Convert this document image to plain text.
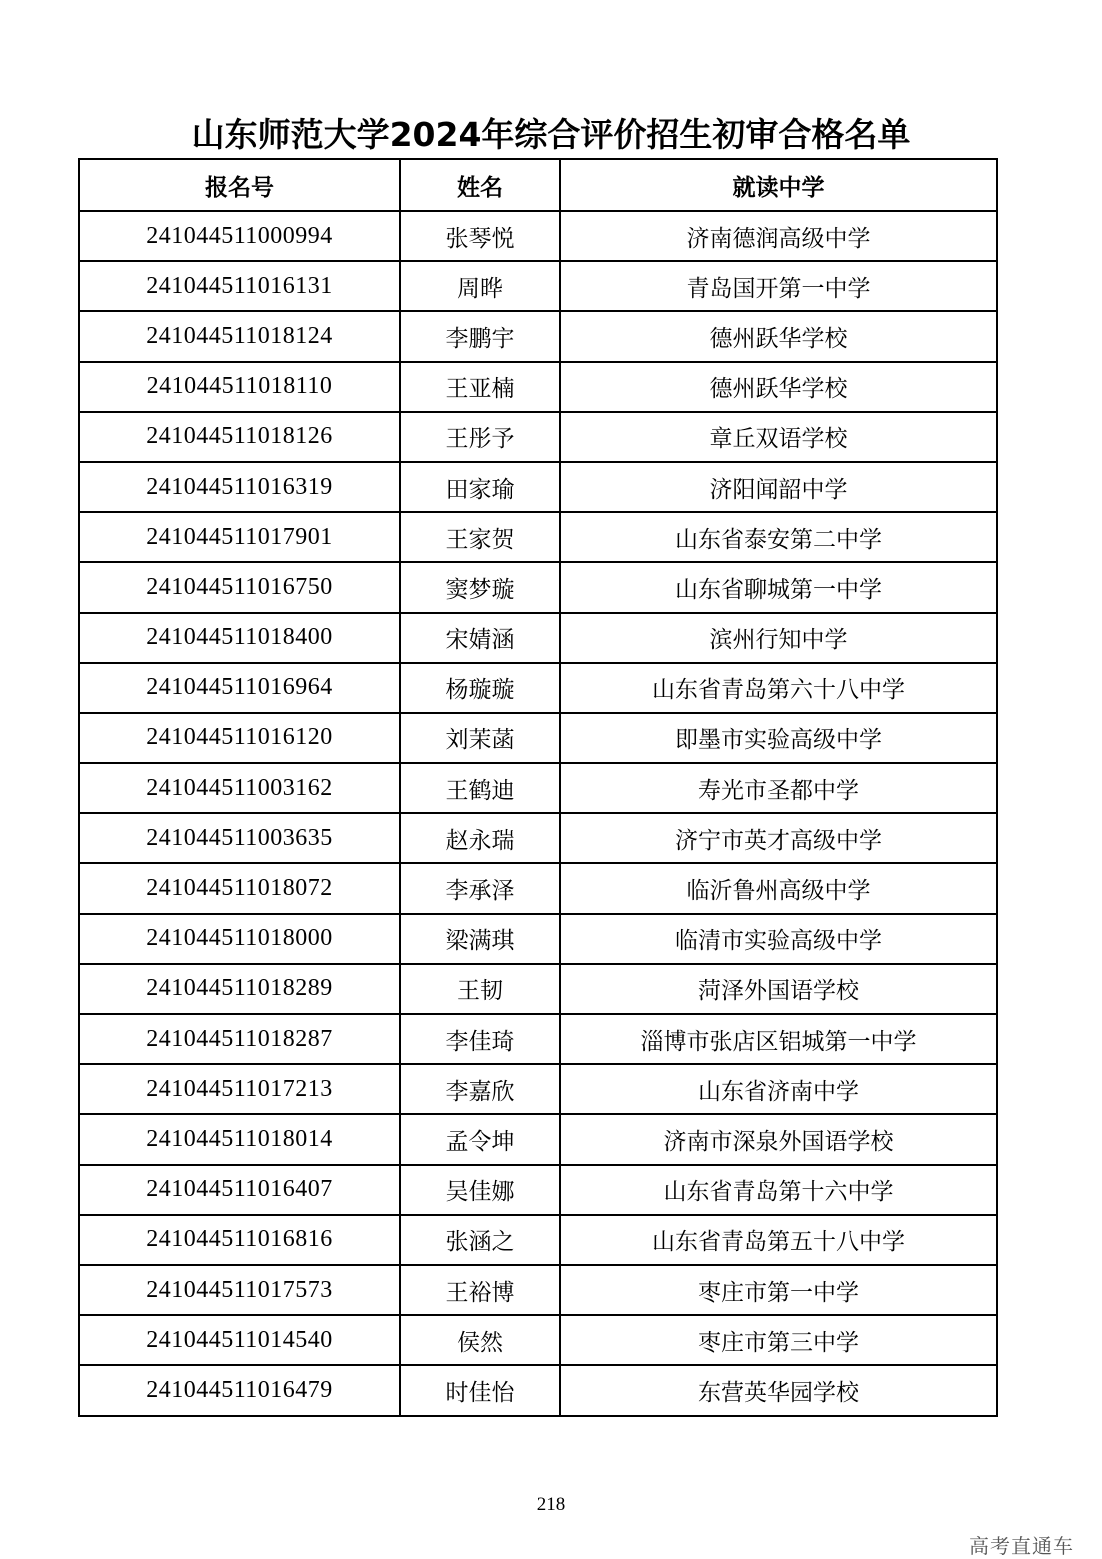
山东师范大学2024年综合评价招生初审合格名单
报名号	姓名	就读中学
241044511000994	张琴悦	济南德润高级中学
241044511016131	周晔	青岛国开第一中学
241044511018124	李鹏宇	德州跃华学校
241044511018110	王亚楠	德州跃华学校
241044511018126	王彤予	章丘双语学校
241044511016319	田家瑜	济阳闻韶中学
241044511017901	王家贺	山东省泰安第二中学
241044511016750	窦梦璇	山东省聊城第一中学
241044511018400	宋婧涵	滨州行知中学
241044511016964	杨璇璇	山东省青岛第六十八中学
241044511016120	刘茉菡	即墨市实验高级中学
241044511003162	王鹤迪	寿光市圣都中学
241044511003635	赵永瑞	济宁市英才高级中学
241044511018072	李承泽	临沂鲁州高级中学
241044511018000	梁满琪	临清市实验高级中学
241044511018289	王韧	菏泽外国语学校
241044511018287	李佳琦	淄博市张店区铝城第一中学
241044511017213	李嘉欣	山东省济南中学
241044511018014	孟令坤	济南市深泉外国语学校
241044511016407	吴佳娜	山东省青岛第十六中学
241044511016816	张涵之	山东省青岛第五十八中学
241044511017573	王裕博	枣庄市第一中学
241044511014540	侯然	枣庄市第三中学
241044511016479	时佳怡	东营英华园学校
218
高考直通车
